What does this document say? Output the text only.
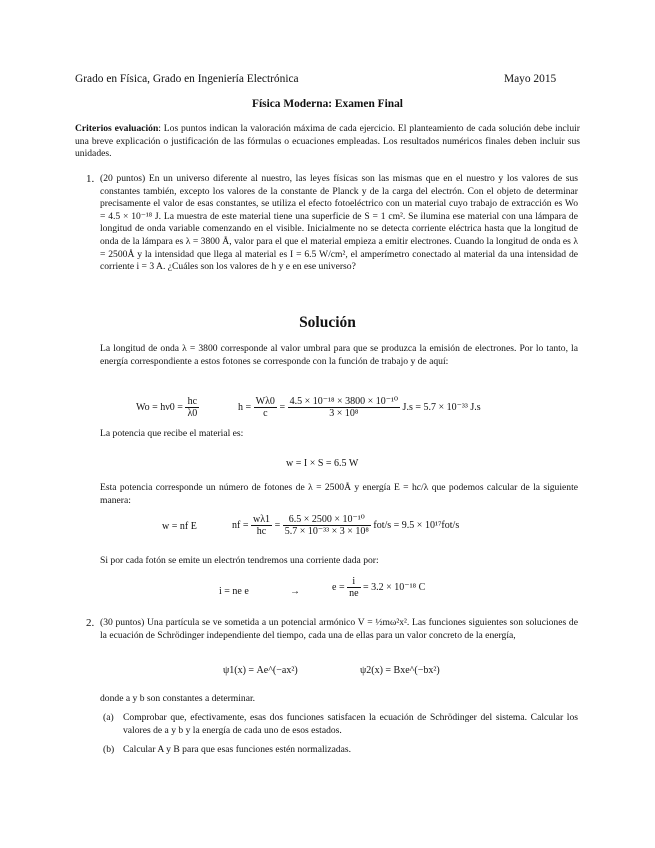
Grado en Física, Grado en Ingeniería Electrónica	Mayo 2015
Física Moderna: Examen Final
Criterios evaluación: Los puntos indican la valoración máxima de cada ejercicio. El planteamiento de cada solución debe incluir una breve explicación o justificación de las fórmulas o ecuaciones empleadas. Los resultados numéricos finales deben incluir sus unidades.
1. (20 puntos) En un universo diferente al nuestro, las leyes físicas son las mismas que en el nuestro y los valores de sus constantes también, excepto los valores de la constante de Planck y de la carga del electrón. Con el objeto de determinar precisamente el valor de esas constantes, se utiliza el efecto fotoeléctrico con un material cuyo trabajo de extracción es Wo = 4.5 × 10⁻¹⁸ J. La muestra de este material tiene una superficie de S = 1 cm². Se ilumina ese material con una lámpara de longitud de onda variable comenzando en el visible. Inicialmente no se detecta corriente eléctrica hasta que la longitud de onda de la lámpara es λ = 3800 Å, valor para el que el material empieza a emitir electrones. Cuando la longitud de onda es λ = 2500Å y la intensidad que llega al material es I = 6.5 W/cm², el amperímetro conectado al material da una intensidad de corriente i = 3 A. ¿Cuáles son los valores de h y e en ese universo?
Solución
La longitud de onda λ = 3800 corresponde al valor umbral para que se produzca la emisión de electrones. Por lo tanto, la energía correspondiente a estos fotones se corresponde con la función de trabajo y de aquí:
$Wo = h\nu 0 = \frac{hc}{\lambda 0}$	$h = \frac{W\lambda 0}{c} = \frac{\text{4.5 × 10⁻¹⁸ × 3800 × 10⁻¹⁰}}{\text{3 × 10⁸}} J.s = 5.7 \times 10^{-33}$ J.s
La potencia que recibe el material es:
w = I × S = 6.5 W
Esta potencia corresponde un número de fotones de λ = 2500Å y energía E = hc/λ que podemos calcular de la siguiente manera:
w = nf E	nf = $\frac{w\lambda 1}{hc} = \frac{\text{6.5 × 2500 × 10⁻¹⁰}}{\text{5.7 × 10⁻³³ × 3 × 10⁸}} fot/s = 9.5 \times 10^{17}fot/s$
Si por cada fotón se emite un electrón tendremos una corriente dada por:
i = ne e	→	$e = \frac{i}{ne} = 3.2 \times 10^{-18}$ C
2. (30 puntos) Una partícula se ve sometida a un potencial armónico V = ½mω²x². Las funciones siguientes son soluciones de la ecuación de Schrödinger independiente del tiempo, cada una de ellas para un valor concreto de la energía,
ψ1(x) = Ae^(−ax²)	ψ2(x) = Bxe^(−bx²)
donde a y b son constantes a determinar.
(a) Comprobar que, efectivamente, esas dos funciones satisfacen la ecuación de Schrödinger del sistema. Calcular los valores de a y b y la energía de cada uno de esos estados.
(b) Calcular A y B para que esas funciones estén normalizadas.
